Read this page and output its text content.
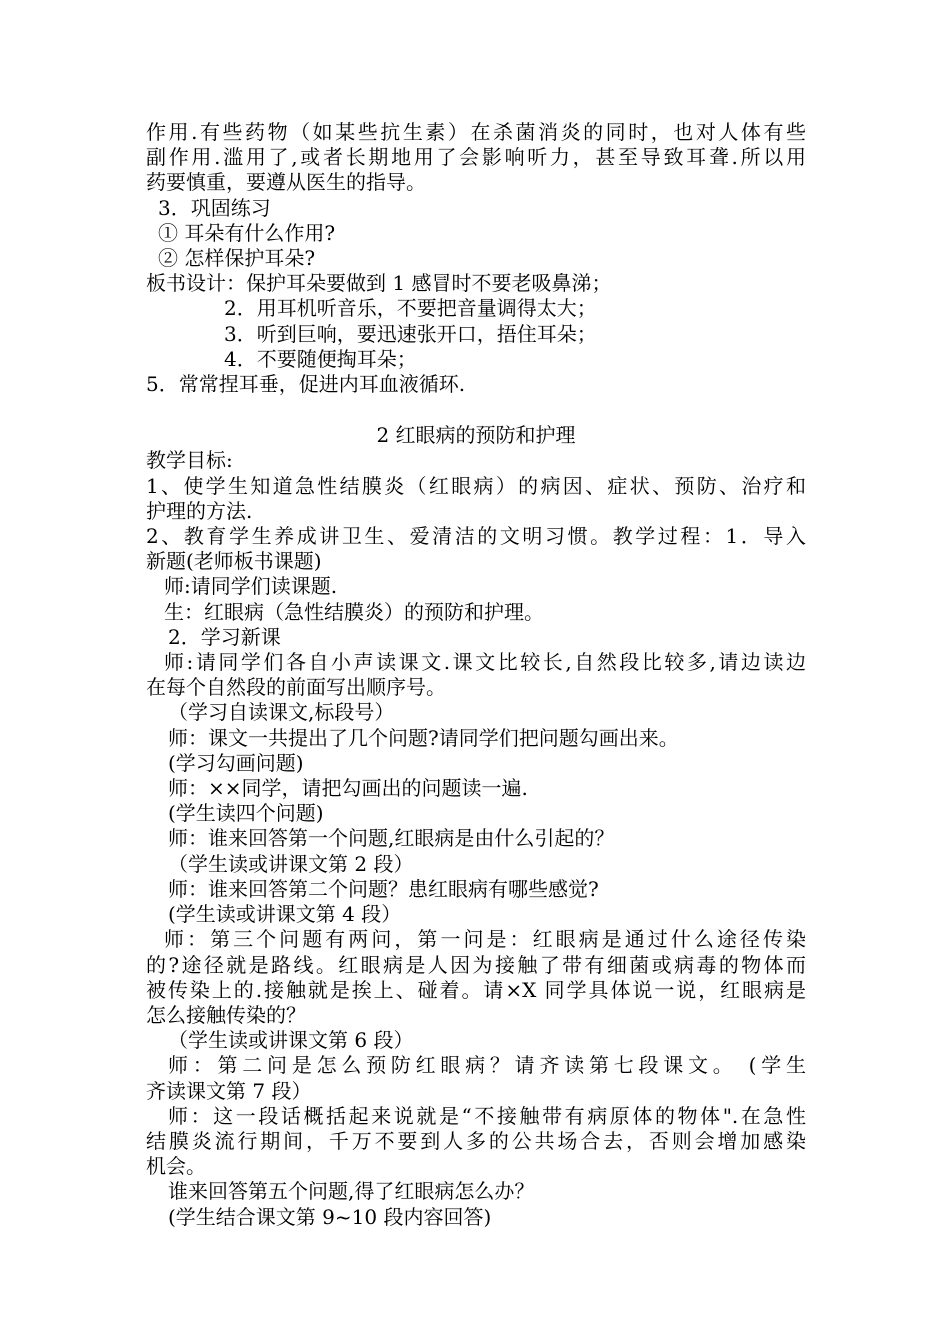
作用.有些药物（如某些抗生素）在杀菌消炎的同时，也对人体有些

副作用.滥用了,或者长期地用了会影响听力，甚至导致耳聋.所以用

药要慎重，要遵从医生的指导。

3．巩固练习

① 耳朵有什么作用?

② 怎样保护耳朵?

板书设计：保护耳朵要做到 1 感冒时不要老吸鼻涕；

2．用耳机听音乐，不要把音量调得太大；

3．听到巨响，要迅速张开口，捂住耳朵；

4．不要随便掏耳朵；

5．常常捏耳垂，促进内耳血液循环.

2 红眼病的预防和护理

教学目标:

1、使学生知道急性结膜炎（红眼病）的病因、症状、预防、治疗和

护理的方法.

2、教育学生养成讲卫生、爱清洁的文明习惯。教学过程：1．导入

新题(老师板书课题)

师:请同学们读课题.

生：红眼病（急性结膜炎）的预防和护理。

2．学习新课

师:请同学们各自小声读课文.课文比较长,自然段比较多,请边读边

在每个自然段的前面写出顺序号。

（学习自读课文,标段号）

师：课文一共提出了几个问题?请同学们把问题勾画出来。

(学习勾画问题)

师：××同学，请把勾画出的问题读一遍.

(学生读四个问题)

师：谁来回答第一个问题,红眼病是由什么引起的？

（学生读或讲课文第 2 段）

师：谁来回答第二个问题？患红眼病有哪些感觉?

(学生读或讲课文第 4 段）

师：第三个问题有两问，第一问是：红眼病是通过什么途径传染

的?途径就是路线。红眼病是人因为接触了带有细菌或病毒的物体而

被传染上的.接触就是挨上、碰着。请×X 同学具体说一说，红眼病是

怎么接触传染的？

（学生读或讲课文第 6 段）

师：第二问是怎么预防红眼病？请齐读第七段课文。 (学生

齐读课文第 7 段）

师：这一段话概括起来说就是“不接触带有病原体的物体".在急性

结膜炎流行期间，千万不要到人多的公共场合去，否则会增加感染

机会。

谁来回答第五个问题,得了红眼病怎么办？

(学生结合课文第 9~10 段内容回答)
